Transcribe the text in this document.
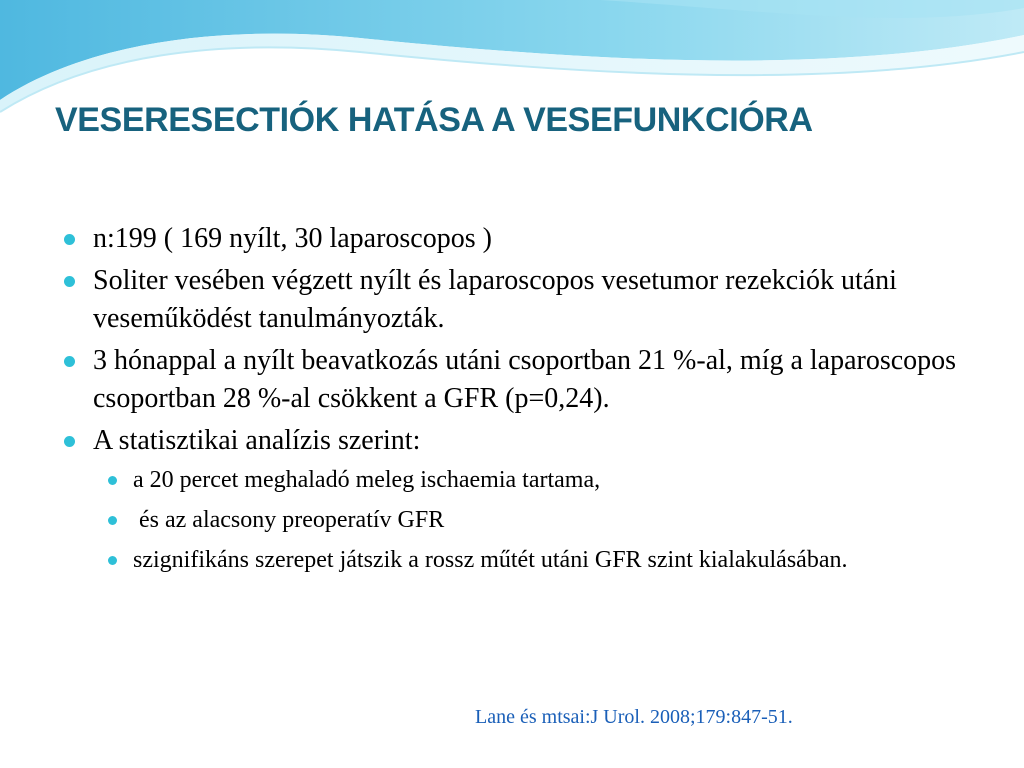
VESERESECTIÓK HATÁSA A VESEFUNKCIÓRA
n:199 ( 169 nyílt, 30 laparoscopos )
Soliter vesében végzett nyílt és laparoscopos vesetumor rezekciók utáni veseműködést tanulmányozták.
3 hónappal a nyílt beavatkozás utáni csoportban 21 %-al, míg a laparoscopos csoportban 28 %-al csökkent a GFR (p=0,24).
A statisztikai analízis szerint:
a 20 percet meghaladó meleg ischaemia tartama,
és az alacsony preoperatív GFR
szignifikáns szerepet játszik a rossz műtét utáni GFR szint kialakulásában.
Lane és mtsai:J Urol. 2008;179:847-51.
